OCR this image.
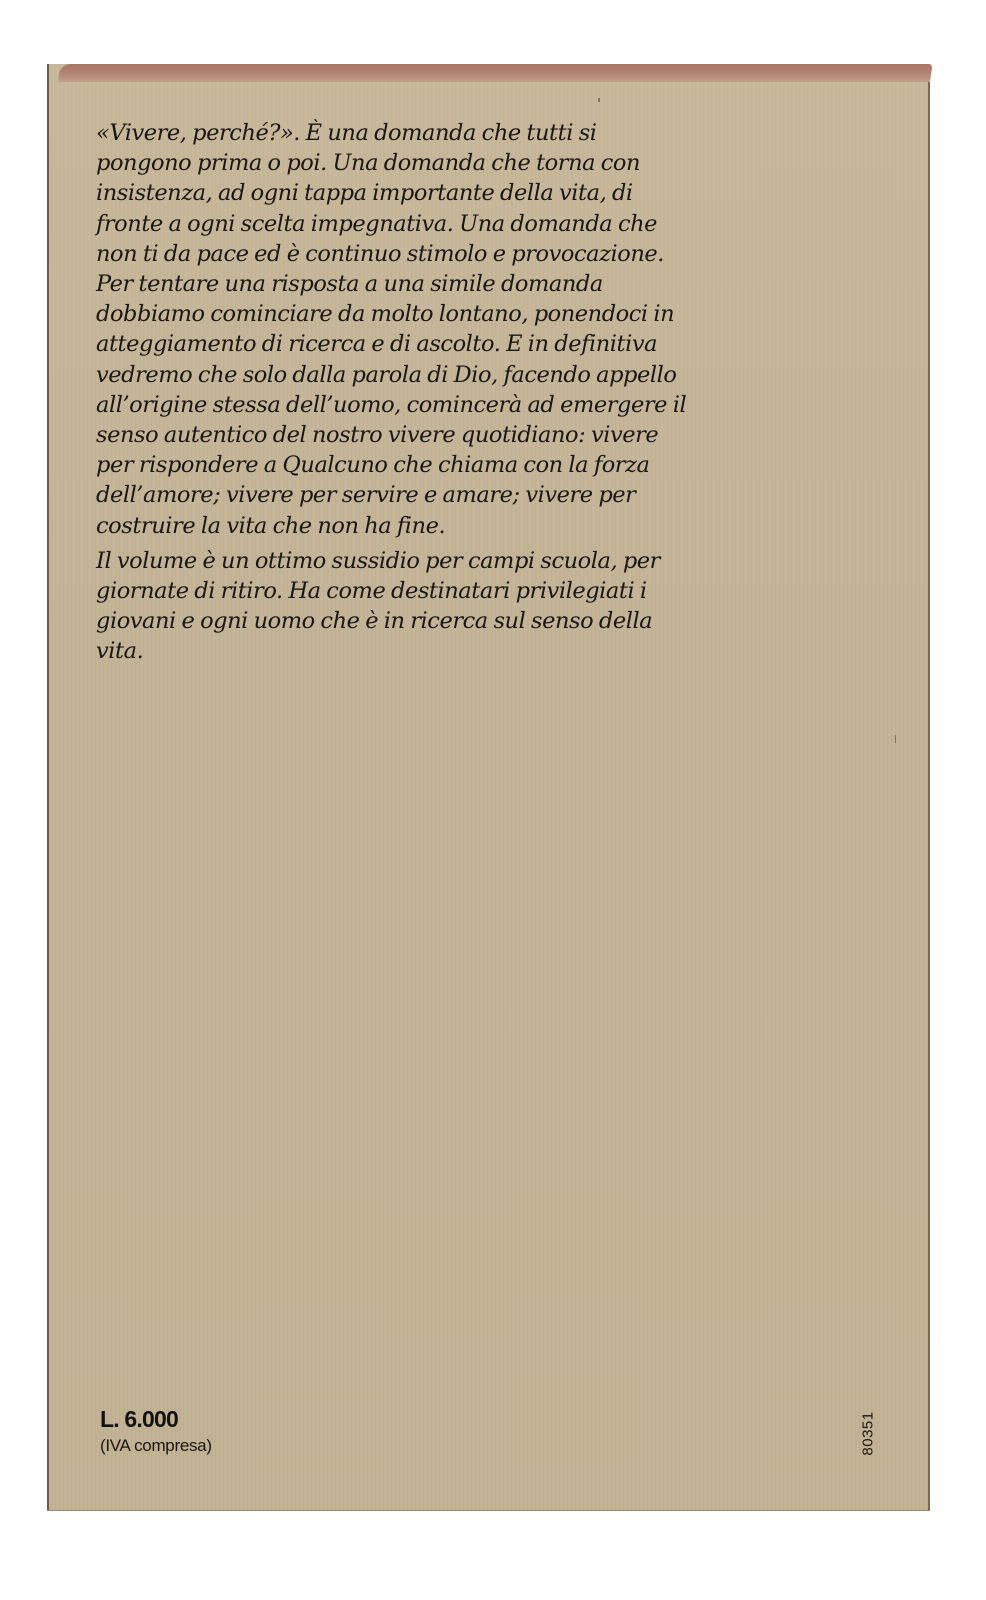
«Vivere, perché?». È una domanda che tutti si
pongono prima o poi. Una domanda che torna con
insistenza, ad ogni tappa importante della vita, di
fronte a ogni scelta impegnativa. Una domanda che
non ti da pace ed è continuo stimolo e provocazione.
Per tentare una risposta a una simile domanda
dobbiamo cominciare da molto lontano, ponendoci in
atteggiamento di ricerca e di ascolto. E in definitiva
vedremo che solo dalla parola di Dio, facendo appello
all’origine stessa dell’uomo, comincerà ad emergere il
senso autentico del nostro vivere quotidiano: vivere
per rispondere a Qualcuno che chiama con la forza
dell’amore; vivere per servire e amare; vivere per
costruire la vita che non ha fine.
Il volume è un ottimo sussidio per campi scuola, per
giornate di ritiro. Ha come destinatari privilegiati i
giovani e ogni uomo che è in ricerca sul senso della
vita.
L. 6.000
(IVA compresa)	80351
